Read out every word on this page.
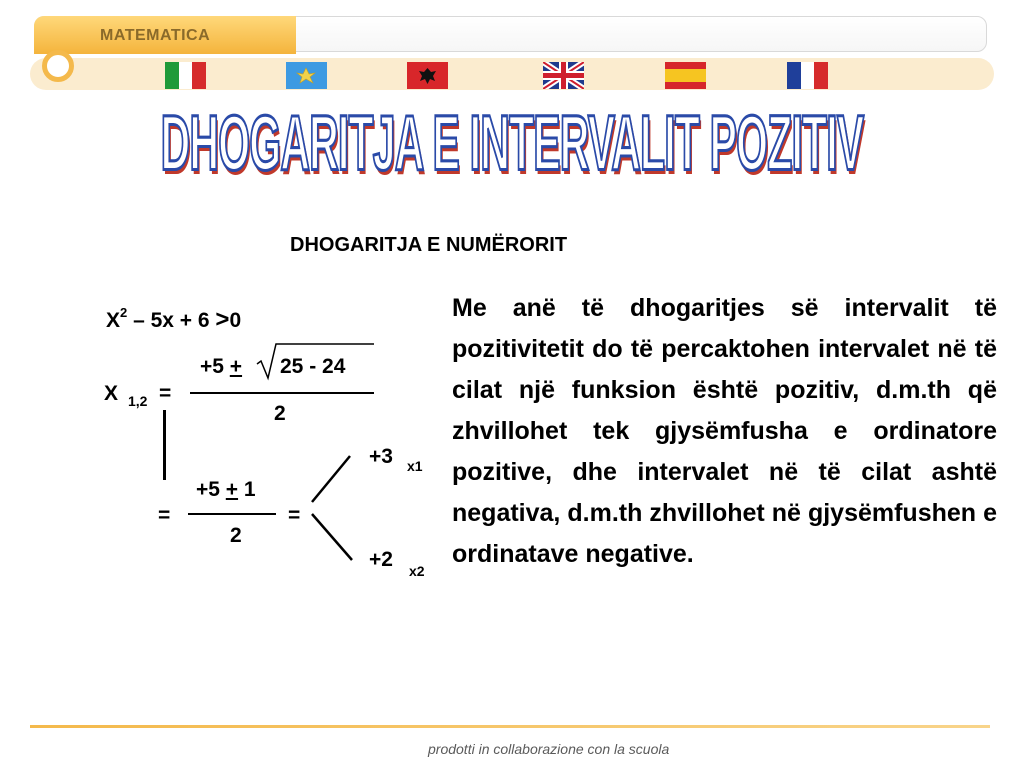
MATEMATICA
DHOGARITJA E INTERVALIT POZITIV
DHOGARITJA E NUMËRORIT
$X^2 - 5x + 6 >0$
+5 + 25 - 24
X 1,2 =
2
+5 + 1
=
2
=
+3 x1
+2 x2
Me anë të dhogaritjes së intervalit të pozitivitetit do të percaktohen intervalet në të cilat një funksion është pozitiv, d.m.th që zhvillohet tek gjysëmfusha e ordinatore pozitive, dhe intervalet në të cilat ashtë negativa, d.m.th zhvillohet në gjysëmfushen e ordinatave negative.
prodotti in collaborazione con la scuola
